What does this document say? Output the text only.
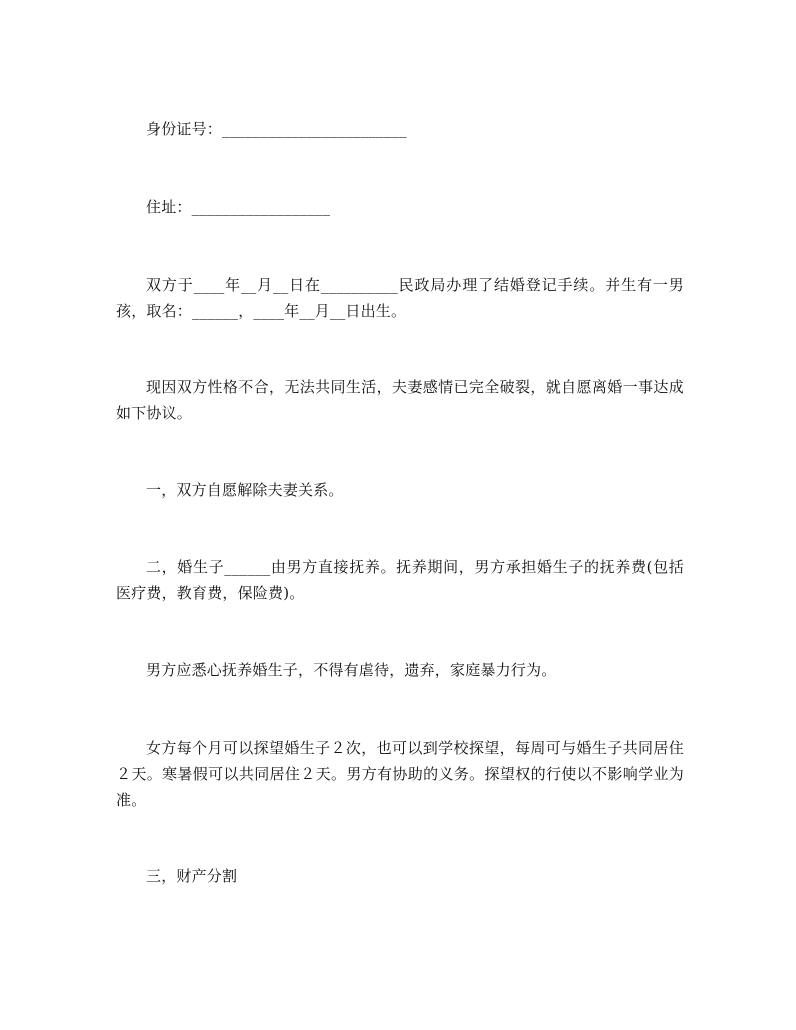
身份证号：________________________

住址：__________________

双方于____年__月__日在__________民政局办理了结婚登记手续。并生有一男孩，取名：______，____年__月__日出生。

现因双方性格不合，无法共同生活，夫妻感情已完全破裂，就自愿离婚一事达成如下协议。

一，双方自愿解除夫妻关系。

二，婚生子______由男方直接抚养。抚养期间，男方承担婚生子的抚养费(包括医疗费，教育费，保险费)。

男方应悉心抚养婚生子，不得有虐待，遗弃，家庭暴力行为。

女方每个月可以探望婚生子２次，也可以到学校探望，每周可与婚生子共同居住２天。寒暑假可以共同居住２天。男方有协助的义务。探望权的行使以不影响学业为准。

三，财产分割
